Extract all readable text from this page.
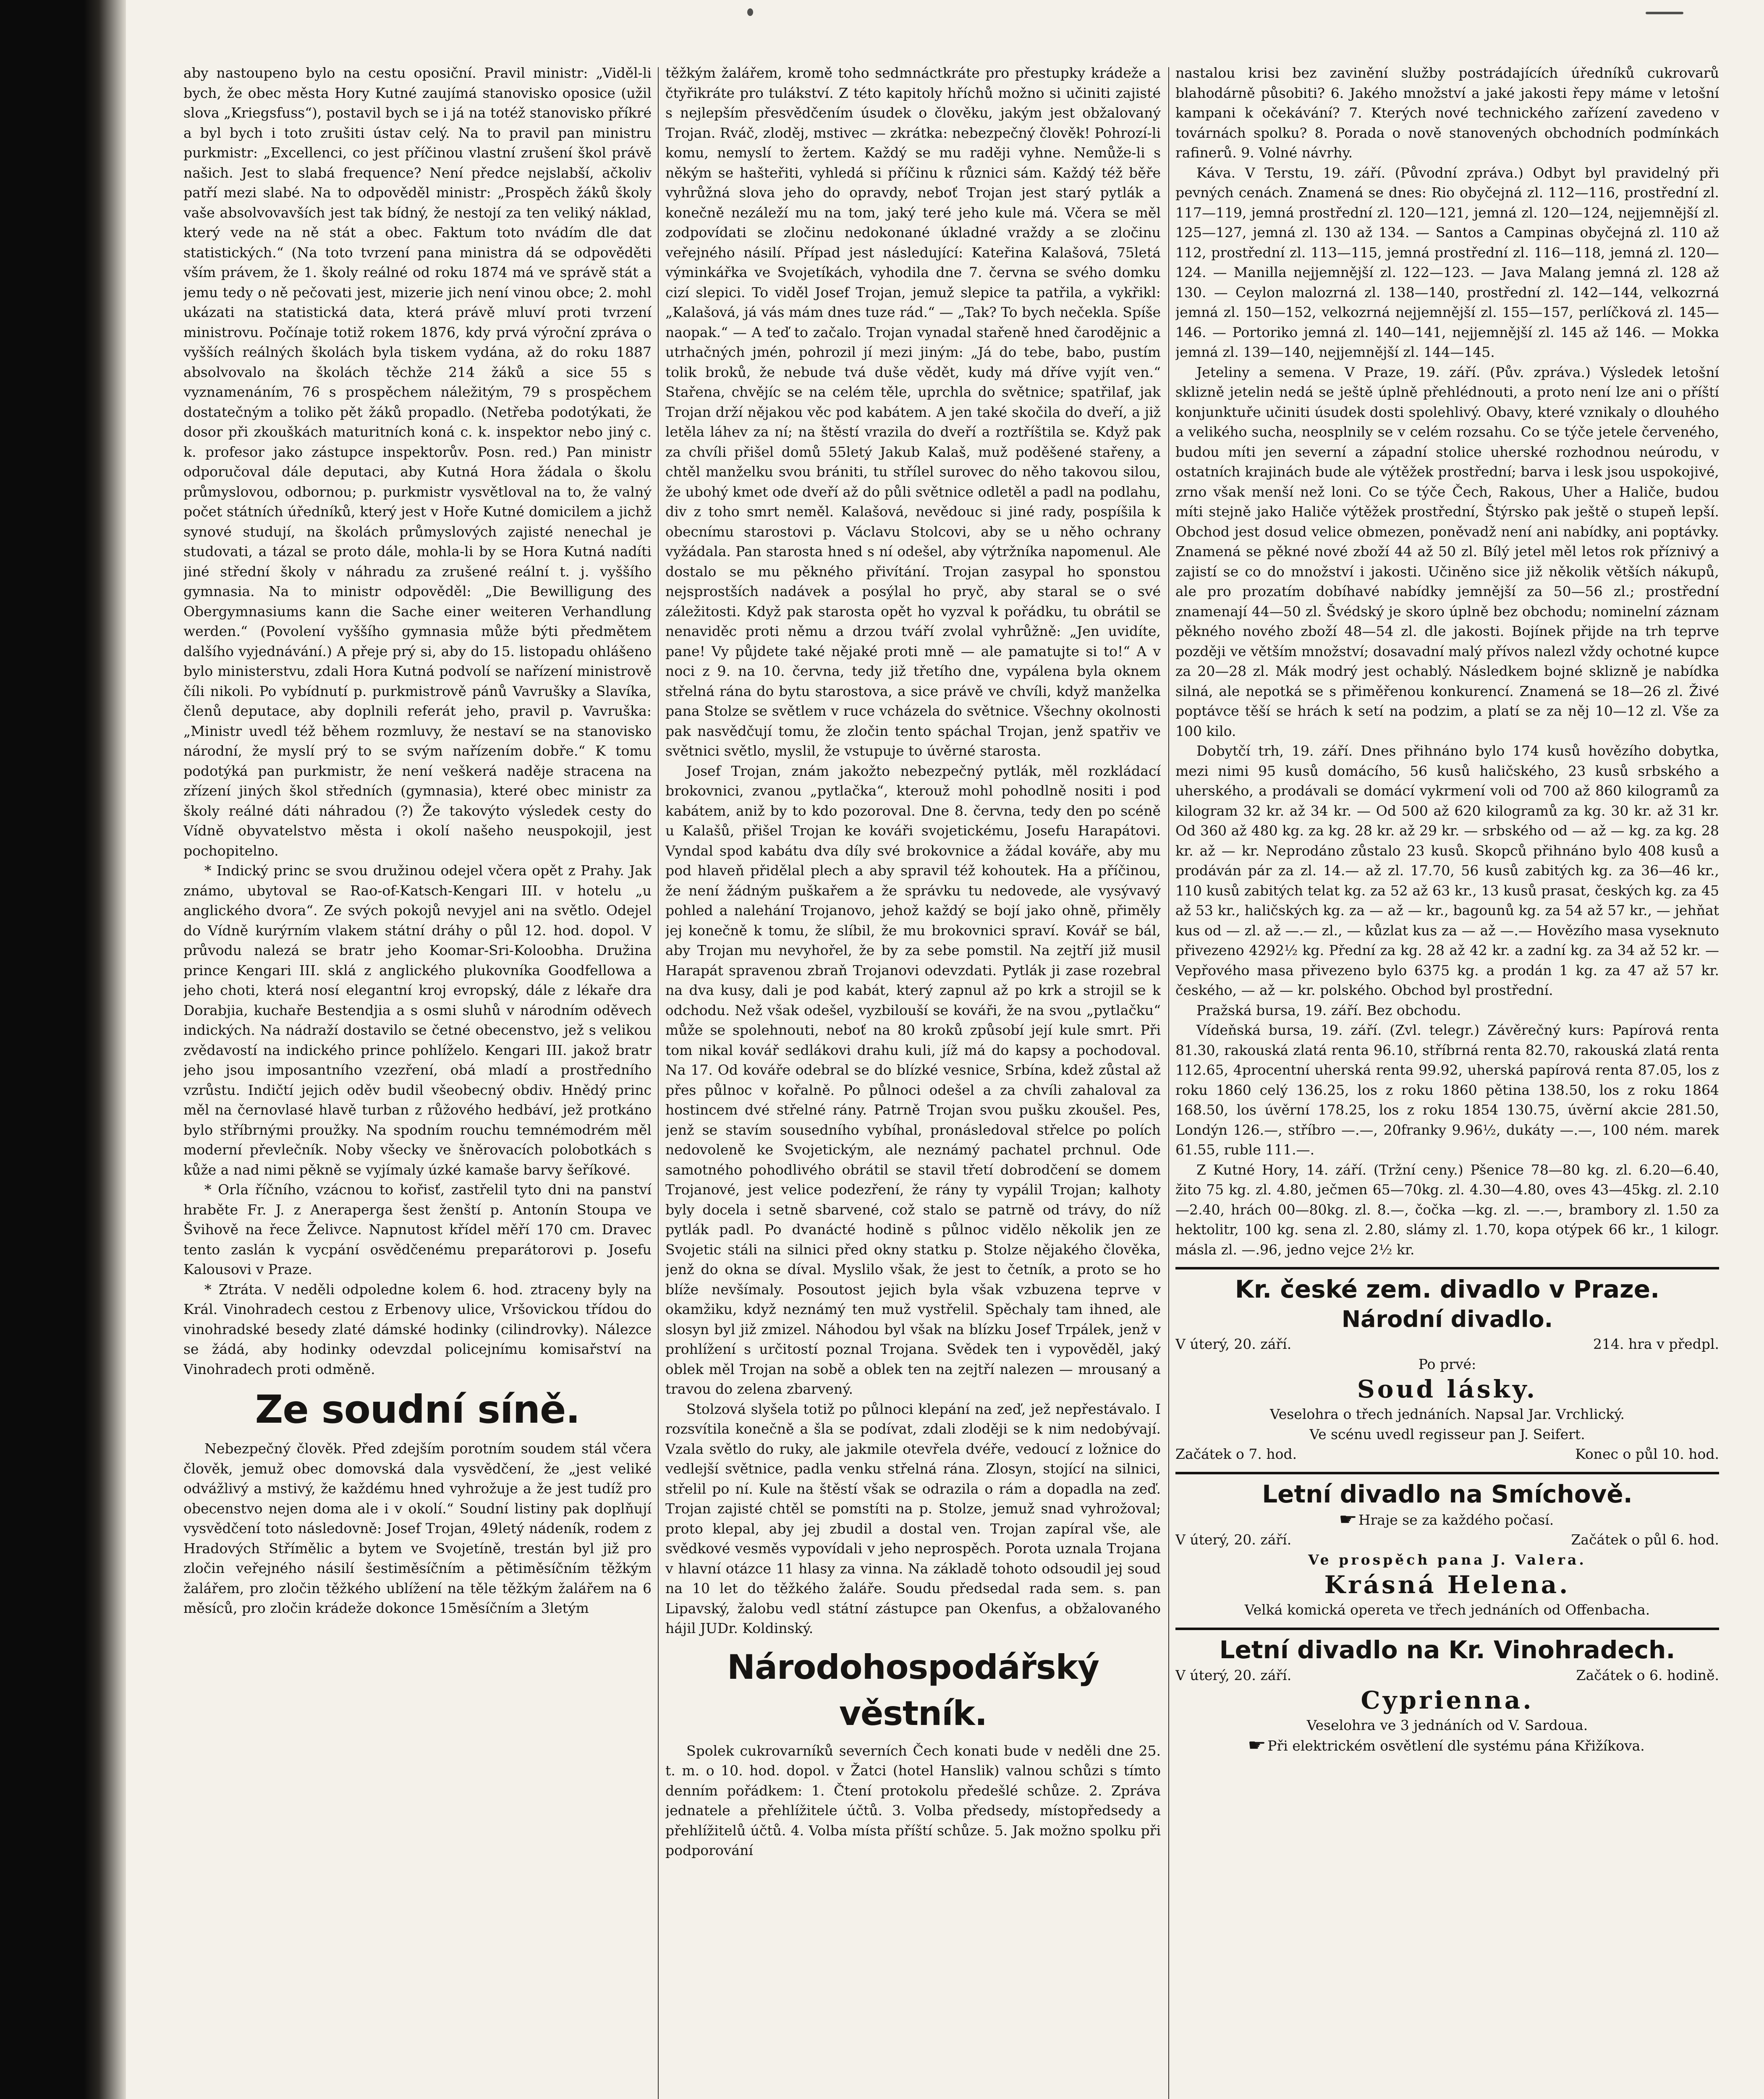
aby nastoupeno bylo na cestu oposiční. Pravil ministr: „Viděl-li bych, že obec města Hory Kutné zaujímá stanovisko oposice (užil slova „Kriegsfuss“), postavil bych se i já na totéž stanovisko příkré a byl bych i toto zrušiti ústav celý. Na to pravil pan ministru purkmistr: „Excellenci, co jest příčinou vlastní zrušení škol právě našich. Jest to slabá frequence? Není předce nejslabší, ačkoliv patří mezi slabé. Na to odpověděl ministr: „Prospěch žáků školy vaše absolvovavších jest tak bídný, že nestojí za ten veliký náklad, který vede na ně stát a obec. Faktum toto nvádím dle dat statistických.“ (Na toto tvrzení pana ministra dá se odpověděti vším právem, že 1. školy reálné od roku 1874 má ve správě stát a jemu tedy o ně pečovati jest, mizerie jich není vinou obce; 2. mohl ukázati na statistická data, která právě mluví proti tvrzení ministrovu. Počínaje totiž rokem 1876, kdy prvá výroční zpráva o vyšších reálných školách byla tiskem vydána, až do roku 1887 absolvovalo na školách těchže 214 žáků a sice 55 s vyznamenáním, 76 s prospěchem náležitým, 79 s prospěchem dostatečným a toliko pět žáků propadlo. (Netřeba podotýkati, že dosor při zkouškách maturitních koná c. k. inspektor nebo jiný c. k. profesor jako zástupce inspektorův. Posn. red.) Pan ministr odporučoval dále deputaci, aby Kutná Hora žádala o školu průmyslovou, odbornou; p. purkmistr vysvětloval na to, že valný počet státních úředníků, který jest v Hoře Kutné domicilem a jichž synové studují, na školách průmyslových zajisté nenechal je studovati, a tázal se proto dále, mohla-li by se Hora Kutná nadíti jiné střední školy v náhradu za zrušené reální t. j. vyššího gymnasia. Na to ministr odpověděl: „Die Bewilligung des Obergymnasiums kann die Sache einer weiteren Verhandlung werden.“ (Povolení vyššího gymnasia může býti předmětem dalšího vyjednávání.) A přeje prý si, aby do 15. listopadu ohlášeno bylo ministerstvu, zdali Hora Kutná podvolí se nařízení ministrově číli nikoli. Po vybídnutí p. purkmistrově pánů Vavrušky a Slavíka, členů deputace, aby doplnili referát jeho, pravil p. Vavruška: „Ministr uvedl též během rozmluvy, že nestaví se na stanovisko národní, že myslí prý to se svým nařízením dobře.“ K tomu podotýká pan purkmistr, že není veškerá naděje stracena na zřízení jiných škol středních (gymnasia), které obec ministr za školy reálné dáti náhradou (?) Že takovýto výsledek cesty do Vídně obyvatelstvo města i okolí našeho neuspokojil, jest pochopitelno.

* Indický princ se svou družinou odejel včera opět z Prahy. Jak známo, ubytoval se Rao-of-Katsch-Kengari III. v hotelu „u anglického dvora“. Ze svých pokojů nevyjel ani na světlo. Odejel do Vídně kurýrním vlakem státní dráhy o půl 12. hod. dopol. V průvodu nalezá se bratr jeho Koomar-Sri-Koloobha. Družina prince Kengari III. sklá z anglického plukovníka Goodfellowa a jeho choti, která nosí elegantní kroj evropský, dále z lékaře dra Dorabjia, kuchaře Bestendjia a s osmi sluhů v národním oděvech indických. Na nádraží dostavilo se četné obecenstvo, jež s velikou zvědavostí na indického prince pohlíželo. Kengari III. jakož bratr jeho jsou imposantního vzezření, obá mladí a prostředního vzrůstu. Indičtí jejich oděv budil všeobecný obdiv. Hnědý princ měl na černovlasé hlavě turban z růžového hedbáví, jež protkáno bylo stříbrnými proužky. Na spodním rouchu temnémodrém měl moderní převlečník. Noby všecky ve šněrovacích polobotkách s kůže a nad nimi pěkně se vyjímaly úzké kamaše barvy šeříkové.

* Orla říčního, vzácnou to kořisť, zastřelil tyto dni na panství hraběte Fr. J. z Aneraperga šest ženští p. Antonín Stoupa ve Švihově na řece Želivce. Napnutost křídel měří 170 cm. Dravec tento zaslán k vycpání osvědčenému preparátorovi p. Josefu Kalousovi v Praze.

* Ztráta. V neděli odpoledne kolem 6. hod. ztraceny byly na Král. Vinohradech cestou z Erbenovy ulice, Vršovickou třídou do vinohradské besedy zlaté dámské hodinky (cilindrovky). Nálezce se žádá, aby hodinky odevzdal policejnímu komisařství na Vinohradech proti odměně.

Ze soudní síně.

Nebezpečný člověk. Před zdejším porotním soudem stál včera člověk, jemuž obec domovská dala vysvědčení, že „jest veliké odvážlivý a mstivý, že každému hned vyhrožuje a že jest tudíž pro obecenstvo nejen doma ale i v okolí.“ Soudní listiny pak doplňují vysvědčení toto následovně: Josef Trojan, 49letý nádeník, rodem z Hradových Střímělic a bytem ve Svojetíně, trestán byl již pro zločin veřejného násilí šestiměsíčním a pětiměsíčním těžkým žalářem, pro zločin těžkého ublížení na těle těžkým žalářem na 6 měsíců, pro zločin krádeže dokonce 15měsíčním a 3letým

těžkým žalářem, kromě toho sedmnáctkráte pro přestupky krádeže a čtyřikráte pro tulákství. Z této kapitoly hříchů možno si učiniti zajisté s nejlepším přesvědčením úsudek o člověku, jakým jest obžalovaný Trojan. Rváč, zloděj, mstivec — zkrátka: nebezpečný člověk! Pohrozí-li komu, nemyslí to žertem. Každý se mu raději vyhne. Nemůže-li s někým se hašteřiti, vyhledá si příčinu k různici sám. Každý též běře vyhrůžná slova jeho do opravdy, neboť Trojan jest starý pytlák a konečně nezáleží mu na tom, jaký teré jeho kule má. Včera se měl zodpovídati se zločinu nedokonané úkladné vraždy a se zločinu veřejného násilí. Případ jest následující: Kateřina Kalašová, 75letá výminkářka ve Svojetíkách, vyhodila dne 7. června se svého domku cizí slepici. To viděl Josef Trojan, jemuž slepice ta patřila, a vykřikl: „Kalašová, já vás mám dnes tuze rád.“ — „Tak? To bych nečekla. Spíše naopak.“ — A teď to začalo. Trojan vynadal stařeně hned čarodějnic a utrhačných jmén, pohrozil jí mezi jiným: „Já do tebe, babo, pustím tolik broků, že nebude tvá duše vědět, kudy má dříve vyjít ven.“ Stařena, chvějíc se na celém těle, uprchla do světnice; spatřilaf, jak Trojan drží nějakou věc pod kabátem. A jen také skočila do dveří, a již letěla láhev za ní; na štěstí vrazila do dveří a roztříštila se. Když pak za chvíli přišel domů 55letý Jakub Kalaš, muž poděšené stařeny, a chtěl manželku svou brániti, tu střílel surovec do něho takovou silou, že ubohý kmet ode dveří až do půli světnice odletěl a padl na podlahu, div z toho smrt neměl. Kalašová, nevědouc si jiné rady, pospíšila k obecnímu starostovi p. Václavu Stolcovi, aby se u něho ochrany vyžádala. Pan starosta hned s ní odešel, aby výtržníka napomenul. Ale dostalo se mu pěkného přivítání. Trojan zasypal ho sponstou nejsprostších nadávek a posýlal ho pryč, aby staral se o své záležitosti. Když pak starosta opět ho vyzval k pořádku, tu obrátil se nenaviděc proti němu a drzou tváří zvolal vyhrůžně: „Jen uvidíte, pane! Vy půjdete také nějaké proti mně — ale pamatujte si to!“ A v noci z 9. na 10. června, tedy již třetího dne, vypálena byla oknem střelná rána do bytu starostova, a sice právě ve chvíli, když manželka pana Stolze se světlem v ruce vcházela do světnice. Všechny okolnosti pak nasvědčují tomu, že zločin tento spáchal Trojan, jenž spatřiv ve světnici světlo, myslil, že vstupuje to úvěrné starosta.

Josef Trojan, znám jakožto nebezpečný pytlák, měl rozkládací brokovnici, zvanou „pytlačka“, kterouž mohl pohodlně nositi i pod kabátem, aniž by to kdo pozoroval. Dne 8. června, tedy den po scéně u Kalašů, přišel Trojan ke kováři svojetickému, Josefu Harapátovi. Vyndal spod kabátu dva díly své brokovnice a žádal kováře, aby mu pod hlaveň přidělal plech a aby spravil též kohoutek. Ha a příčinou, že není žádným puškařem a že správku tu nedovede, ale vysývavý pohled a nalehání Trojanovo, jehož každý se bojí jako ohně, přiměly jej konečně k tomu, že slíbil, že mu brokovnici spraví. Kovář se bál, aby Trojan mu nevyhořel, že by za sebe pomstil. Na zejtří již musil Harapát spravenou zbraň Trojanovi odevzdati. Pytlák ji zase rozebral na dva kusy, dali je pod kabát, který zapnul až po krk a strojil se k odchodu. Než však odešel, vyzbilouší se kováři, že na svou „pytlačku“ může se spolehnouti, neboť na 80 kroků způsobí její kule smrt. Při tom nikal kovář sedlákovi drahu kuli, jíž má do kapsy a pochodoval. Na 17. Od kováře odebral se do blízké vesnice, Srbína, kdež zůstal až přes půlnoc v kořalně. Po půlnoci odešel a za chvíli zahaloval za hostincem dvé střelné rány. Patrně Trojan svou pušku zkoušel. Pes, jenž se stavím sousedního vybíhal, pronásledoval střelce po polích nedovoleně ke Svojetickým, ale neznámý pachatel prchnul. Ode samotného pohodlivého obrátil se stavil třetí dobrodčení se domem Trojanové, jest velice podezření, že rány ty vypálil Trojan; kalhoty byly docela i setně sbarvené, což stalo se patrně od trávy, do níž pytlák padl. Po dvanácté hodině s půlnoc vidělo několik jen ze Svojetic stáli na silnici před okny statku p. Stolze nějakého člověka, jenž do okna se díval. Myslilo však, že jest to četník, a proto se ho blíže nevšímaly. Posoutost jejich byla však vzbuzena teprve v okamžiku, když neznámý ten muž vystřelil. Spěchaly tam ihned, ale slosyn byl již zmizel. Náhodou byl však na blízku Josef Trpálek, jenž v prohlížení s určitostí poznal Trojana. Svědek ten i vypověděl, jaký oblek měl Trojan na sobě a oblek ten na zejtří nalezen — mrousaný a travou do zelena zbarvený.

Stolzová slyšela totiž po půlnoci klepání na zeď, jež nepřestávalo. I rozsvítila konečně a šla se podívat, zdali zloději se k nim nedobývají. Vzala světlo do ruky, ale jakmile otevřela dvéře, vedoucí z ložnice do vedlejší světnice, padla venku střelná rána. Zlosyn, stojící na silnici, střelil po ní. Kule na štěstí však se odrazila o rám a dopadla na zeď. Trojan zajisté chtěl se pomstíti na p. Stolze, jemuž snad vyhrožoval; proto klepal, aby jej zbudil a dostal ven. Trojan zapíral vše, ale svědkové vesměs vypovídali v jeho neprospěch. Porota uznala Trojana v hlavní otázce 11 hlasy za vinna. Na základě tohoto odsoudil jej soud na 10 let do těžkého žaláře. Soudu předsedal rada sem. s. pan Lipavský, žalobu vedl státní zástupce pan Okenfus, a obžalovaného hájil JUDr. Koldinský.

Národohospodářský věstník.

Spolek cukrovarníků severních Čech konati bude v neděli dne 25. t. m. o 10. hod. dopol. v Žatci (hotel Hanslik) valnou schůzi s tímto denním pořádkem: 1. Čtení protokolu předešlé schůze. 2. Zpráva jednatele a přehlížitele účtů. 3. Volba předsedy, místopředsedy a přehlížitelů účtů. 4. Volba místa příští schůze. 5. Jak možno spolku při podporování

nastalou krisi bez zavinění služby postrádajících úředníků cukrovarů blahodárně působiti? 6. Jakého množství a jaké jakosti řepy máme v letošní kampani k očekávání? 7. Kterých nové technického zařízení zavedeno v továrnách spolku? 8. Porada o nově stanovených obchodních podmínkách rafinerů. 9. Volné návrhy.

Káva. V Terstu, 19. září. (Původní zpráva.) Odbyt byl pravidelný při pevných cenách. Znamená se dnes: Rio obyčejná zl. 112—116, prostřední zl. 117—119, jemná prostřední zl. 120—121, jemná zl. 120—124, nejjemnější zl. 125—127, jemná zl. 130 až 134. — Santos a Campinas obyčejná zl. 110 až 112, prostřední zl. 113—115, jemná prostřední zl. 116—118, jemná zl. 120—124. — Manilla nejjemnější zl. 122—123. — Java Malang jemná zl. 128 až 130. — Ceylon malozrná zl. 138—140, prostřední zl. 142—144, velkozrná jemná zl. 150—152, velkozrná nejjemnější zl. 155—157, perlíčková zl. 145—146. — Portoriko jemná zl. 140—141, nejjemnější zl. 145 až 146. — Mokka jemná zl. 139—140, nejjemnější zl. 144—145.

Jeteliny a semena. V Praze, 19. září. (Pův. zpráva.) Výsledek letošní sklizně jetelin nedá se ještě úplně přehlédnouti, a proto není lze ani o příští konjunktuře učiniti úsudek dosti spolehlivý. Obavy, které vznikaly o dlouhého a velikého sucha, neosplnily se v celém rozsahu. Co se týče jetele červeného, budou míti jen severní a západní stolice uherské rozhodnou neúrodu, v ostatních krajinách bude ale výtěžek prostřední; barva i lesk jsou uspokojivé, zrno však menší než loni. Co se týče Čech, Rakous, Uher a Haliče, budou míti stejně jako Haliče výtěžek prostřední, Štýrsko pak ještě o stupeň lepší. Obchod jest dosud velice obmezen, poněvadž není ani nabídky, ani poptávky. Znamená se pěkné nové zboží 44 až 50 zl. Bílý jetel měl letos rok příznivý a zajistí se co do množství i jakosti. Učiněno sice již několik větších nákupů, ale pro prozatím dobíhavé nabídky jemnější za 50—56 zl.; prostřední znamenají 44—50 zl. Švédský je skoro úplně bez obchodu; nominelní záznam pěkného nového zboží 48—54 zl. dle jakosti. Bojínek přijde na trh teprve později ve větším množství; dosavadní malý přívos nalezl vždy ochotné kupce za 20—28 zl. Mák modrý jest ochablý. Následkem bojné sklizně je nabídka silná, ale nepotká se s přiměřenou konkurencí. Znamená se 18—26 zl. Živé poptávce těší se hrách k setí na podzim, a platí se za něj 10—12 zl. Vše za 100 kilo.

Dobytčí trh, 19. září. Dnes přihnáno bylo 174 kusů hovězího dobytka, mezi nimi 95 kusů domácího, 56 kusů haličského, 23 kusů srbského a uherského, a prodávali se domácí vykrmení voli od 700 až 860 kilogramů za kilogram 32 kr. až 34 kr. — Od 500 až 620 kilogramů za kg. 30 kr. až 31 kr. Od 360 až 480 kg. za kg. 28 kr. až 29 kr. — srbského od — až — kg. za kg. 28 kr. až — kr. Neprodáno zůstalo 23 kusů. Skopců přihnáno bylo 408 kusů a prodáván pár za zl. 14.— až zl. 17.70, 56 kusů zabitých kg. za 36—46 kr., 110 kusů zabitých telat kg. za 52 až 63 kr., 13 kusů prasat, českých kg. za 45 až 53 kr., haličských kg. za — až — kr., bagounů kg. za 54 až 57 kr., — jehňat kus od — zl. až —.— zl., — kůzlat kus za — až —.— Hovězího masa vyseknuto přivezeno 4292½ kg. Přední za kg. 28 až 42 kr. a zadní kg. za 34 až 52 kr. — Vepřového masa přivezeno bylo 6375 kg. a prodán 1 kg. za 47 až 57 kr. českého, — až — kr. polského. Obchod byl prostřední.

Pražská bursa, 19. září. Bez obchodu.

Vídeňská bursa, 19. září. (Zvl. telegr.) Závěrečný kurs: Papírová renta 81.30, rakouská zlatá renta 96.10, stříbrná renta 82.70, rakouská zlatá renta 112.65, 4procentní uherská renta 99.92, uherská papírová renta 87.05, los z roku 1860 celý 136.25, los z roku 1860 pětina 138.50, los z roku 1864 168.50, los úvěrní 178.25, los z roku 1854 130.75, úvěrní akcie 281.50, Londýn 126.—, stříbro —.—, 20franky 9.96½, dukáty —.—, 100 ném. marek 61.55, ruble 111.—.

Z Kutné Hory, 14. září. (Tržní ceny.) Pšenice 78—80 kg. zl. 6.20—6.40, žito 75 kg. zl. 4.80, ječmen 65—70kg. zl. 4.30—4.80, oves 43—45kg. zl. 2.10—2.40, hrách 00—80kg. zl. 8.—, čočka —kg. zl. —.—, brambory zl. 1.50 za hektolitr, 100 kg. sena zl. 2.80, slámy zl. 1.70, kopa otýpek 66 kr., 1 kilogr. másla zl. —.96, jedno vejce 2½ kr.

Kr. české zem. divadlo v Praze.
Národní divadlo.
V úterý, 20. září.	214. hra v předpl.
Po prvé:
Soud lásky.
Veselohra o třech jednáních. Napsal Jar. Vrchlický.
Ve scénu uvedl regisseur pan J. Seifert.
Začátek o 7. hod.	Konec o půl 10. hod.
Letní divadlo na Smíchově.
☛Hraje se za každého počasí.
V úterý, 20. září.	Začátek o půl 6. hod.
Ve prospěch pana J. Valera.
Krásná Helena.
Velká komická opereta ve třech jednáních od Offenbacha.
Letní divadlo na Kr. Vinohradech.
V úterý, 20. září.	Začátek o 6. hodině.
Cyprienna.
Veselohra ve 3 jednáních od V. Sardoua.
☛Při elektrickém osvětlení dle systému pána Křižíkova.
